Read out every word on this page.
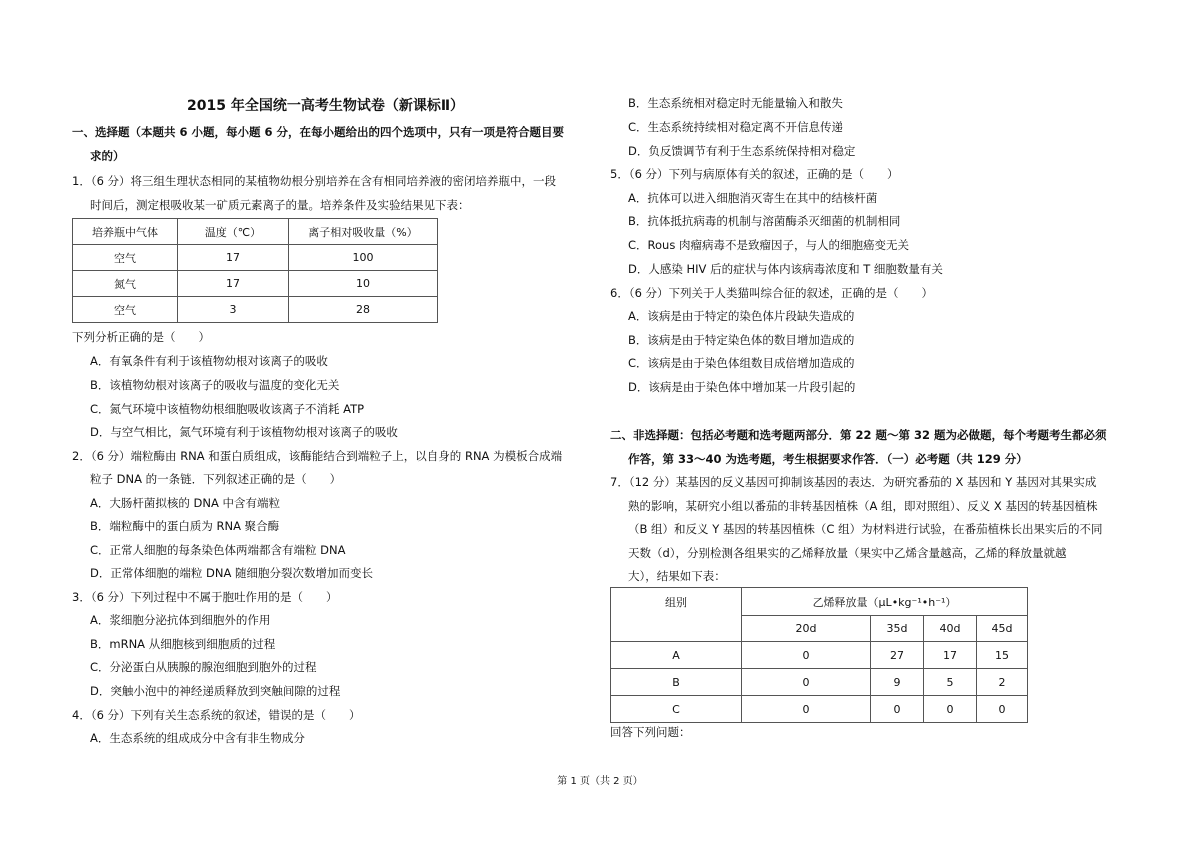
2015 年全国统一高考生物试卷（新课标Ⅱ）
一、选择题（本题共 6 小题，每小题 6 分，在每小题给出的四个选项中，只有一项是符合题目要
求的）
1．（6 分）将三组生理状态相同的某植物幼根分别培养在含有相同培养液的密闭培养瓶中，一段
时间后，测定根吸收某一矿质元素离子的量。培养条件及实验结果见下表：
培养瓶中气体	温度（℃）	离子相对吸收量（%）
空气	17	100
氮气	17	10
空气	3	28
下列分析正确的是（　　）
A．有氧条件有利于该植物幼根对该离子的吸收
B．该植物幼根对该离子的吸收与温度的变化无关
C．氮气环境中该植物幼根细胞吸收该离子不消耗 ATP
D．与空气相比，氮气环境有利于该植物幼根对该离子的吸收
2．（6 分）端粒酶由 RNA 和蛋白质组成，该酶能结合到端粒子上，以自身的 RNA 为模板合成端
粒子 DNA 的一条链．下列叙述正确的是（　　）
A．大肠杆菌拟核的 DNA 中含有端粒
B．端粒酶中的蛋白质为 RNA 聚合酶
C．正常人细胞的每条染色体两端都含有端粒 DNA
D．正常体细胞的端粒 DNA 随细胞分裂次数增加而变长
3．（6 分）下列过程中不属于胞吐作用的是（　　）
A．浆细胞分泌抗体到细胞外的作用
B．mRNA 从细胞核到细胞质的过程
C．分泌蛋白从胰腺的腺泡细胞到胞外的过程
D．突触小泡中的神经递质释放到突触间隙的过程
4．（6 分）下列有关生态系统的叙述，错误的是（　　）
A．生态系统的组成成分中含有非生物成分
B．生态系统相对稳定时无能量输入和散失
C．生态系统持续相对稳定离不开信息传递
D．负反馈调节有利于生态系统保持相对稳定
5．（6 分）下列与病原体有关的叙述，正确的是（　　）
A．抗体可以进入细胞消灭寄生在其中的结核杆菌
B．抗体抵抗病毒的机制与溶菌酶杀灭细菌的机制相同
C．Rous 肉瘤病毒不是致瘤因子，与人的细胞癌变无关
D．人感染 HIV 后的症状与体内该病毒浓度和 T 细胞数量有关
6．（6 分）下列关于人类猫叫综合征的叙述，正确的是（　　）
A．该病是由于特定的染色体片段缺失造成的
B．该病是由于特定染色体的数目增加造成的
C．该病是由于染色体组数目成倍增加造成的
D．该病是由于染色体中增加某一片段引起的
二、非选择题：包括必考题和选考题两部分．第 22 题～第 32 题为必做题，每个考题考生都必须
作答，第 33～40 为选考题，考生根据要求作答．（一）必考题（共 129 分）
7．（12 分）某基因的反义基因可抑制该基因的表达．为研究番茄的 X 基因和 Y 基因对其果实成
熟的影响，某研究小组以番茄的非转基因植株（A 组，即对照组）、反义 X 基因的转基因植株
（B 组）和反义 Y 基因的转基因植株（C 组）为材料进行试验，在番茄植株长出果实后的不同
天数（d），分别检测各组果实的乙烯释放量（果实中乙烯含量越高，乙烯的释放量就越
大），结果如下表：
组别	乙烯释放量（μL•kg⁻¹•h⁻¹）			
	20d	35d	40d	45d
A	0	27	17	15
B	0	9	5	2
C	0	0	0	0
回答下列问题：
第 1 页（共 2 页）
